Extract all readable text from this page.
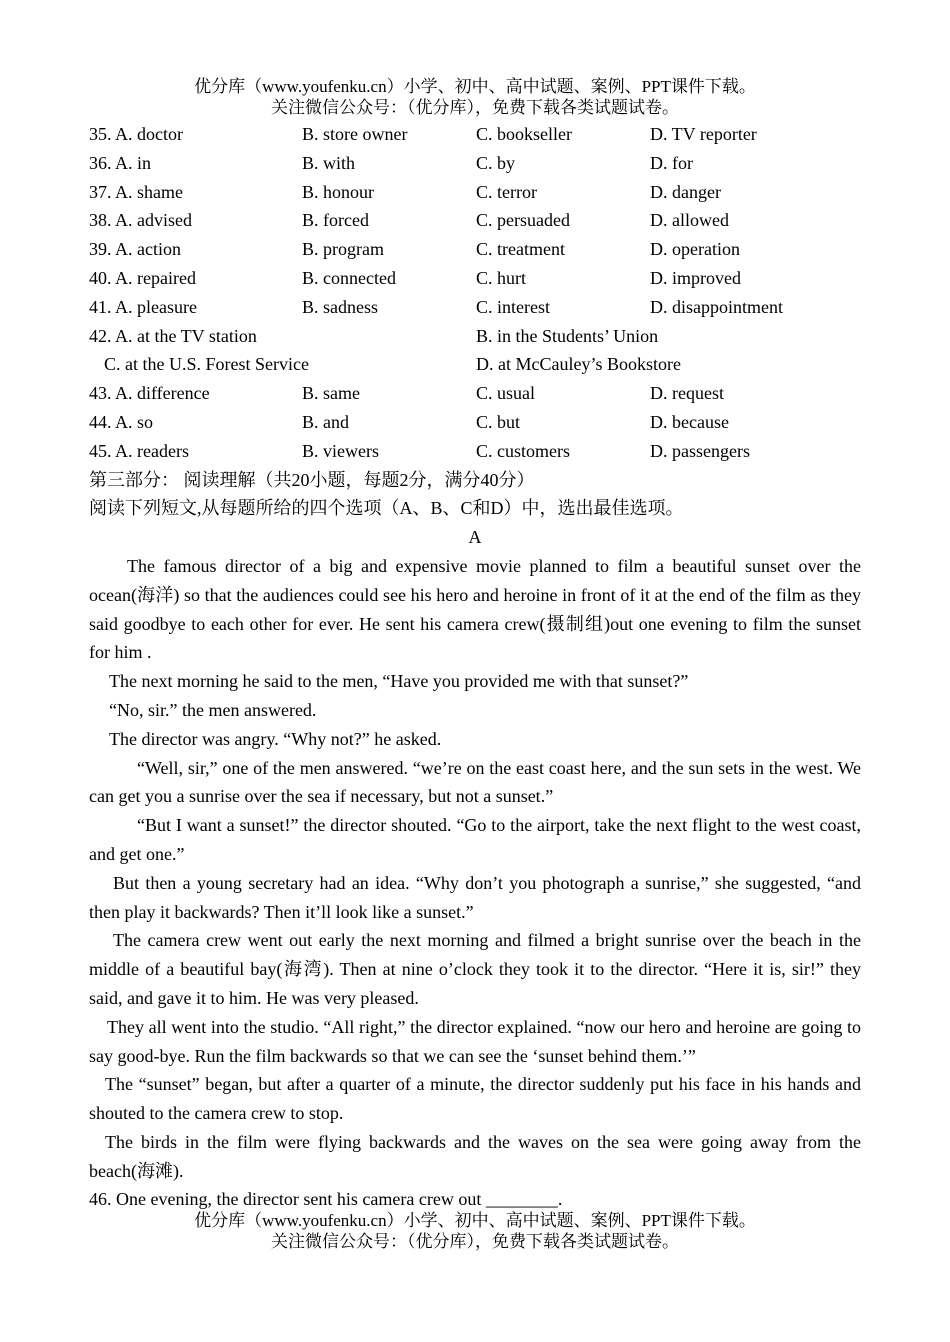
优分库（www.youfenku.cn）小学、初中、高中试题、案例、PPT课件下载。
关注微信公众号：（优分库），免费下载各类试题试卷。
35. A. doctor	B. store owner	C. bookseller	D. TV reporter
36. A. in	B. with	C. by	D. for
37. A. shame	B. honour	C. terror	D. danger
38. A. advised	B. forced	C. persuaded	D. allowed
39. A. action	B. program	C. treatment	D. operation
40. A. repaired	B. connected	C. hurt	D. improved
41. A. pleasure	B. sadness	C. interest	D. disappointment
42. A. at the TV station	B. in the Students’ Union
C. at the U.S. Forest Service	D. at McCauley’s Bookstore
43. A. difference	B. same	C. usual	D. request
44. A. so	B. and	C. but	D. because
45. A. readers	B. viewers	C. customers	D. passengers
第三部分： 阅读理解（共20小题，每题2分，满分40分）
阅读下列短文,从每题所给的四个选项（A、B、C和D）中，选出最佳选项。
A

The famous director of a big and expensive movie planned to film a beautiful sunset over the ocean(海洋) so that the audiences could see his hero and heroine in front of it at the end of the film as they said goodbye to each other for ever. He sent his camera crew(摄制组)out one evening to film the sunset for him .

The next morning he said to the men, “Have you provided me with that sunset?”

“No, sir.” the men answered.

The director was angry. “Why not?” he asked.

“Well, sir,” one of the men answered. “we’re on the east coast here, and the sun sets in the west. We can get you a sunrise over the sea if necessary, but not a sunset.”

“But I want a sunset!” the director shouted. “Go to the airport, take the next flight to the west coast, and get one.”

But then a young secretary had an idea. “Why don’t you photograph a sunrise,” she suggested, “and then play it backwards? Then it’ll look like a sunset.”

The camera crew went out early the next morning and filmed a bright sunrise over the beach in the middle of a beautiful bay(海湾). Then at nine o’clock they took it to the director. “Here it is, sir!” they said, and gave it to him. He was very pleased.

They all went into the studio. “All right,” the director explained. “now our hero and heroine are going to say good-bye. Run the film backwards so that we can see the ‘sunset behind them.’”

The “sunset” began, but after a quarter of a minute, the director suddenly put his face in his hands and shouted to the camera crew to stop.

The birds in the film were flying backwards and the waves on the sea were going away from the beach(海滩).

46. One evening, the director sent his camera crew out ________.
优分库（www.youfenku.cn）小学、初中、高中试题、案例、PPT课件下载。
关注微信公众号：（优分库），免费下载各类试题试卷。
